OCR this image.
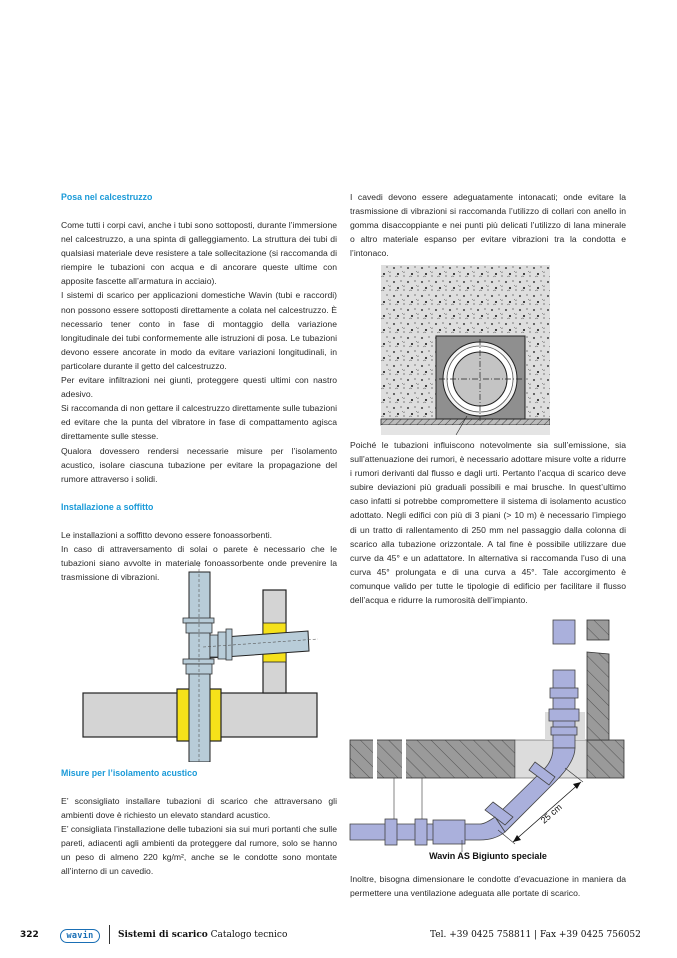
Posa nel calcestruzzo

Come tutti i corpi cavi, anche i tubi sono sottoposti, durante l’immersione nel calcestruzzo, a una spinta di galleggiamento. La struttura dei tubi di qualsiasi materiale deve resistere a tale sollecitazione (si raccomanda di riempire le tubazioni con acqua e di ancorare queste ultime con apposite fascette all’armatura in acciaio).

I sistemi di scarico per applicazioni domestiche Wavin (tubi e raccordi) non possono essere sottoposti direttamente a colata nel calcestruzzo. È necessario tener conto in fase di montaggio della variazione longitudinale dei tubi conformemente alle istruzioni di posa. Le tubazioni devono essere ancorate in modo da evitare variazioni longitudinali, in particolare durante il getto del calcestruzzo.

Per evitare infiltrazioni nei giunti, proteggere questi ultimi con nastro adesivo.

Si raccomanda di non gettare il calcestruzzo direttamente sulle tubazioni ed evitare che la punta del vibratore in fase di compattamento agisca direttamente sulle stesse.

Qualora dovessero rendersi necessarie misure per l’isolamento acustico, isolare ciascuna tubazione per evitare la propagazione del rumore attraverso i solidi.

Installazione a soffitto

Le installazioni a soffitto devono essere fonoassorbenti.

In caso di attraversamento di solai o parete è necessario che le tubazioni siano avvolte in materiale fonoassorbente onde prevenire la trasmissione di vibrazioni.

Misure per l’isolamento acustico

E’ sconsigliato installare tubazioni di scarico che attraversano gli ambienti dove è richiesto un elevato standard acustico.

E’ consigliata l’installazione delle tubazioni sia sui muri portanti che sulle pareti, adiacenti agli ambienti da proteggere dal rumore, solo se hanno un peso di almeno 220 kg/m², anche se le condotte sono montate all’interno di un cavedio.

I cavedi devono essere adeguatamente intonacati; onde evitare la trasmissione di vibrazioni si raccomanda l’utilizzo di collari con anello in gomma disaccoppiante e nei punti più delicati l’utilizzo di lana minerale o altro materiale espanso per evitare vibrazioni tra la condotta e l’intonaco.

Poiché le tubazioni influiscono notevolmente sia sull’emissione, sia sull’attenuazione dei rumori, è necessario adottare misure volte a ridurre i rumori derivanti dal flusso e dagli urti. Pertanto l’acqua di scarico deve subire deviazioni più graduali possibili e mai brusche. In quest’ultimo caso infatti si potrebbe compromettere il sistema di isolamento acustico adottato. Negli edifici con più di 3 piani (> 10 m) è necessario l’impiego di un tratto di rallentamento di 250 mm nel passaggio dalla colonna di scarico alla tubazione orizzontale. A tal fine è possibile utilizzare due curve da 45° e un adattatore. In alternativa si raccomanda l’uso di una curva 45° prolungata e di una curva a 45°. Tale accorgimento è comunque valido per tutte le tipologie di edificio per facilitare il flusso dell’acqua e ridurre la rumorosità dell’impianto.

25 cm
Wavin AS Bigiunto speciale

Inoltre, bisogna dimensionare le condotte d’evacuazione in maniera da permettere una ventilazione adeguata alle portate di scarico.

322	wavin	Sistemi di scarico Catalogo tecnico	Tel. +39 0425 758811 | Fax +39 0425 756052
